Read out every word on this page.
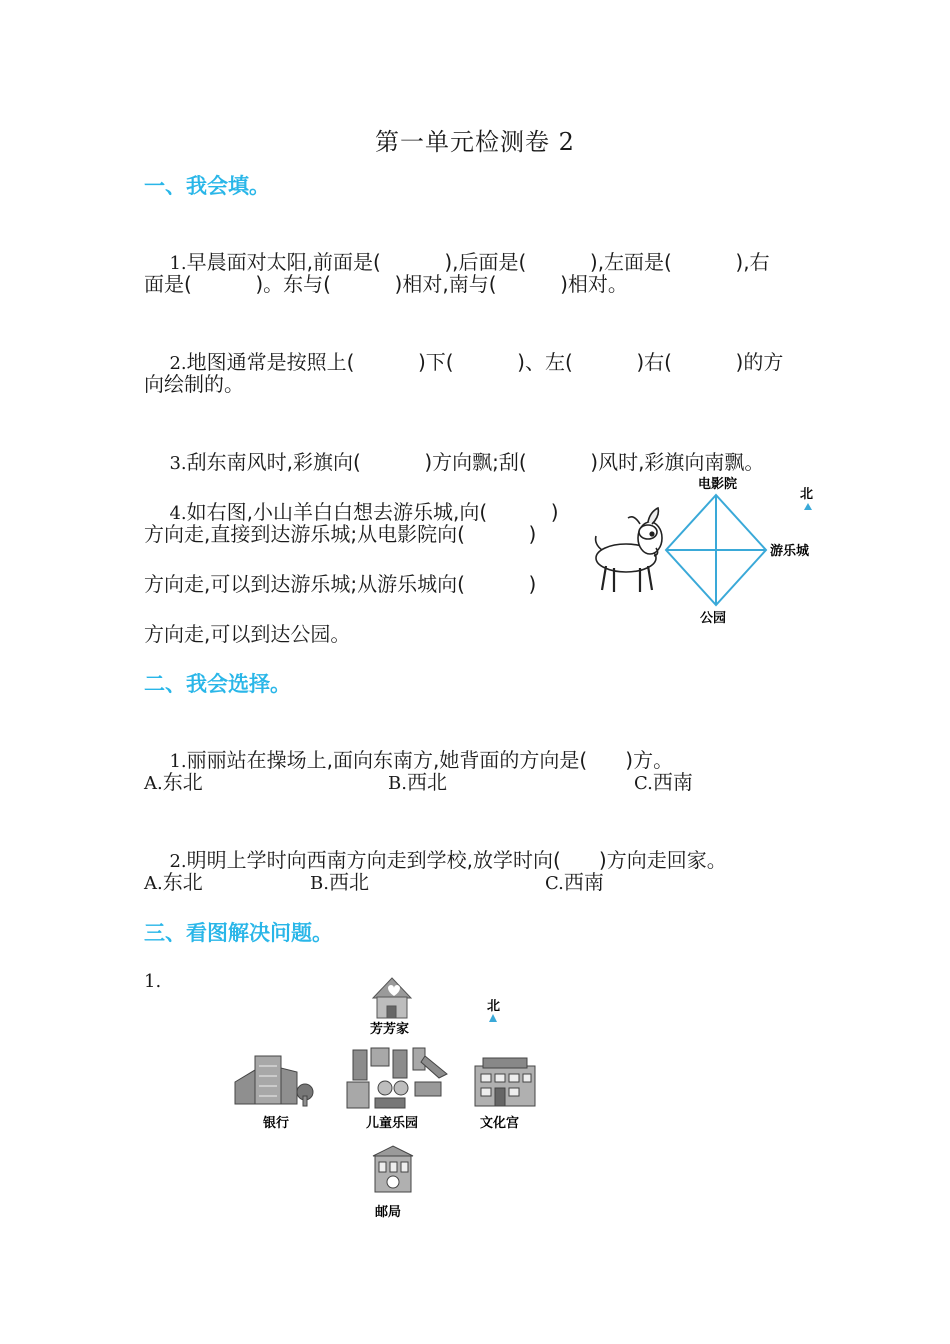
第一单元检测卷 2
一、我会填。

1.早晨面对太阳,前面是(          ),后面是(          ),左面是(          ),右

面是(          )。东与(          )相对,南与(          )相对。

2.地图通常是按照上(          )下(          )、左(          )右(          )的方

向绘制的。

3.刮东南风时,彩旗向(          )方向飘;刮(          )风时,彩旗向南飘。

4.如右图,小山羊白白想去游乐城,向(          )

方向走,直接到达游乐城;从电影院向(          )
方向走,可以到达游乐城;从游乐城向(          )
方向走,可以到达公园。
电影院
游乐城
公园
北
二、我会选择。

1.丽丽站在操场上,面向东南方,她背面的方向是(      )方。

A.东北	B.西北	C.西南

2.明明上学时向西南方向走到学校,放学时向(      )方向走回家。

A.东北	B.西北	C.西南
三、看图解决问题。
1.
北
芳芳家
儿童乐园
银行	文化宫
邮局
